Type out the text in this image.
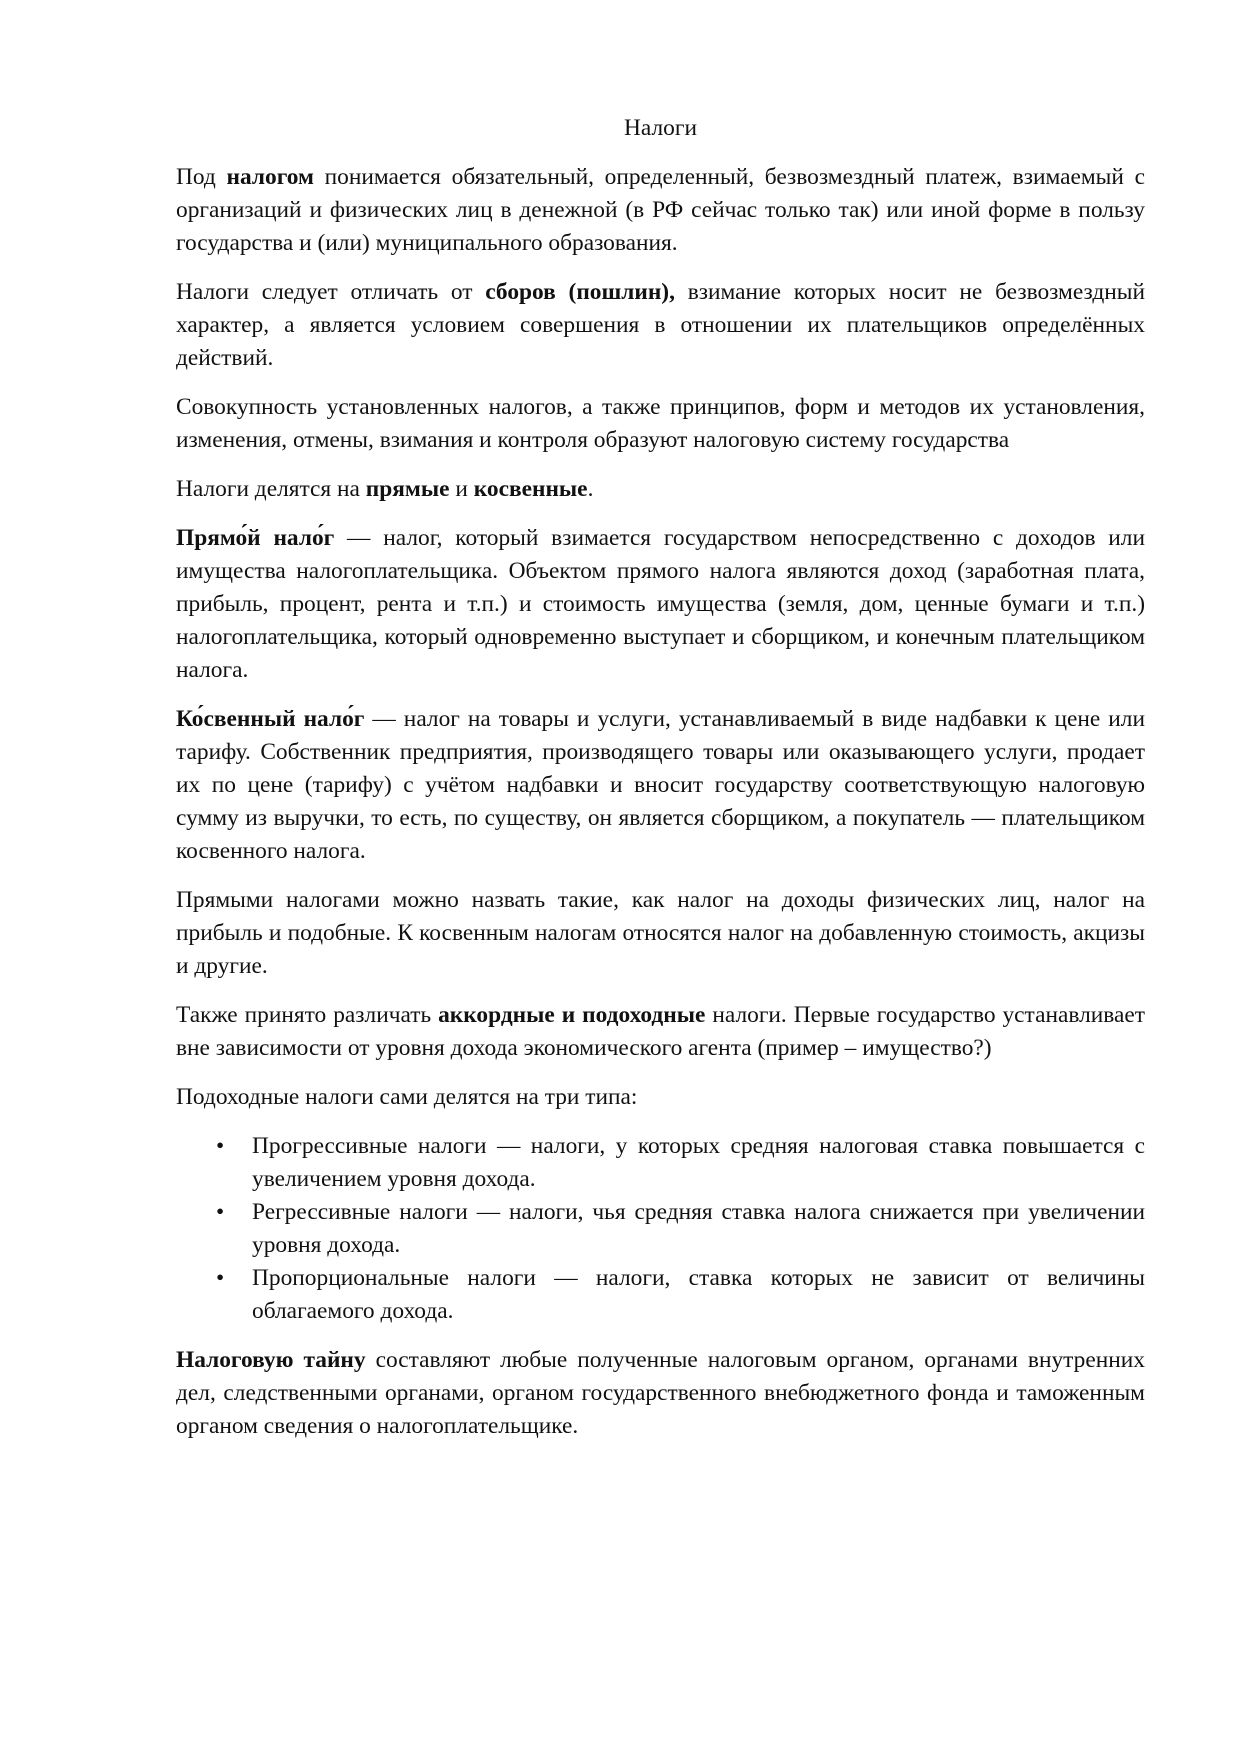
Налоги

Под налогом понимается обязательный, определенный, безвозмездный платеж, взимаемый с организаций и физических лиц в денежной (в РФ сейчас только так) или иной форме в пользу государства и (или) муниципального образования.

Налоги следует отличать от сборов (пошлин), взимание которых носит не безвозмездный характер, а является условием совершения в отношении их плательщиков определённых действий.

Совокупность установленных налогов, а также принципов, форм и методов их установления, изменения, отмены, взимания и контроля образуют налоговую систему государства

Налоги делятся на прямые и косвенные.

Прямо́й нало́г — налог, который взимается государством непосредственно с доходов или имущества налогоплательщика. Объектом прямого налога являются доход (заработная плата, прибыль, процент, рента и т.п.) и стоимость имущества (земля, дом, ценные бумаги и т.п.) налогоплательщика, который одновременно выступает и сборщиком, и конечным плательщиком налога.

Ко́свенный нало́г — налог на товары и услуги, устанавливаемый в виде надбавки к цене или тарифу. Собственник предприятия, производящего товары или оказывающего услуги, продает их по цене (тарифу) с учётом надбавки и вносит государству соответствующую налоговую сумму из выручки, то есть, по существу, он является сборщиком, а покупатель — плательщиком косвенного налога.

Прямыми налогами можно назвать такие, как налог на доходы физических лиц, налог на прибыль и подобные. К косвенным налогам относятся налог на добавленную стоимость, акцизы и другие.

Также принято различать аккордные и подоходные налоги. Первые государство устанавливает вне зависимости от уровня дохода экономического агента (пример – имущество?)

Подоходные налоги сами делятся на три типа:

• Прогрессивные налоги — налоги, у которых средняя налоговая ставка повышается с увеличением уровня дохода.
• Регрессивные налоги — налоги, чья средняя ставка налога снижается при увеличении уровня дохода.
• Пропорциональные налоги — налоги, ставка которых не зависит от величины облагаемого дохода.

Налоговую тайну составляют любые полученные налоговым органом, органами внутренних дел, следственными органами, органом государственного внебюджетного фонда и таможенным органом сведения о налогоплательщике.
